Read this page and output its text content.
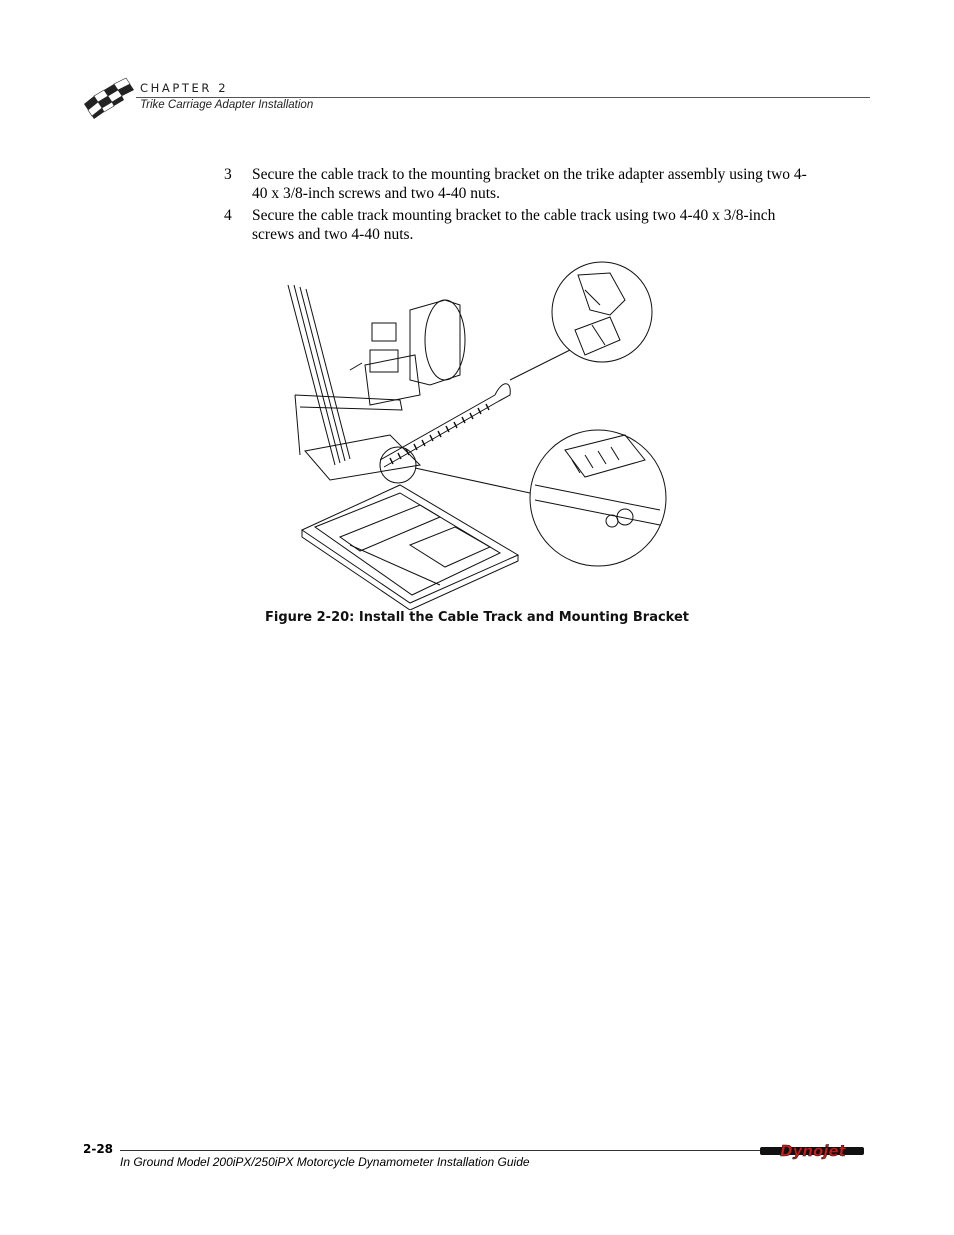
CHAPTER 2
Trike Carriage Adapter Installation
3	Secure the cable track to the mounting bracket on the trike adapter assembly using two 4-40 x 3/8-inch screws and two 4-40 nuts.
4	Secure the cable track mounting bracket to the cable track using two 4-40 x 3/8-inch screws and two 4-40 nuts.
Figure 2-20: Install the Cable Track and Mounting Bracket
2-28
In Ground Model 200iPX/250iPX Motorcycle Dynamometer Installation Guide
Dynojet
